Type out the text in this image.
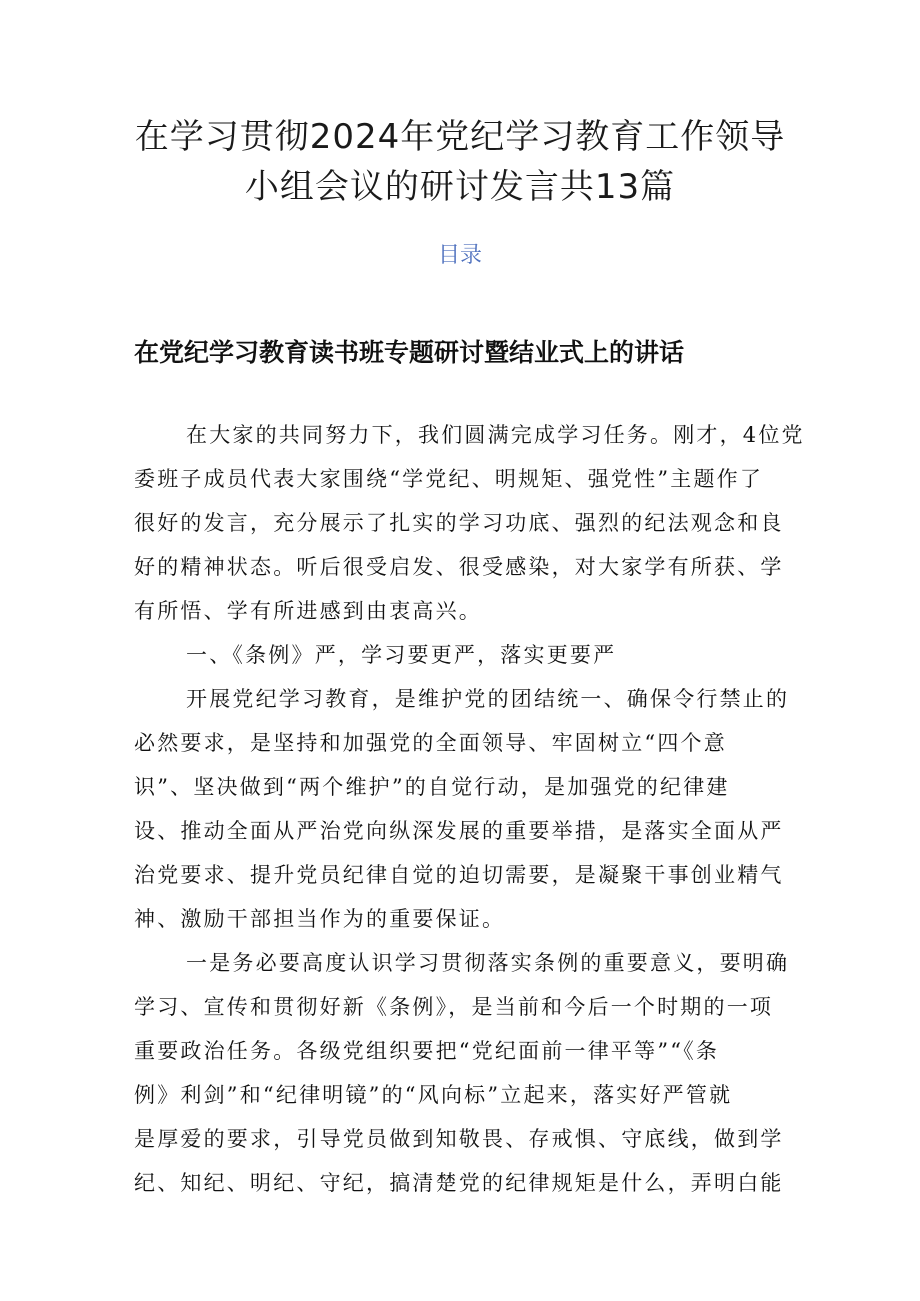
在学习贯彻2024年党纪学习教育工作领导
小组会议的研讨发言共13篇
目录
在党纪学习教育读书班专题研讨暨结业式上的讲话
在大家的共同努力下，我们圆满完成学习任务。刚才，4位党
委班子成员代表大家围绕“学党纪、明规矩、强党性”主题作了
很好的发言，充分展示了扎实的学习功底、强烈的纪法观念和良
好的精神状态。听后很受启发、很受感染，对大家学有所获、学
有所悟、学有所进感到由衷高兴。
一、《条例》严，学习要更严，落实更要严
开展党纪学习教育，是维护党的团结统一、确保令行禁止的
必然要求，是坚持和加强党的全面领导、牢固树立“四个意
识”、坚决做到“两个维护”的自觉行动，是加强党的纪律建
设、推动全面从严治党向纵深发展的重要举措，是落实全面从严
治党要求、提升党员纪律自觉的迫切需要，是凝聚干事创业精气
神、激励干部担当作为的重要保证。
一是务必要高度认识学习贯彻落实条例的重要意义，要明确
学习、宣传和贯彻好新《条例》，是当前和今后一个时期的一项
重要政治任务。各级党组织要把“党纪面前一律平等”“《条
例》利剑”和“纪律明镜”的“风向标”立起来，落实好严管就
是厚爱的要求，引导党员做到知敬畏、存戒惧、守底线，做到学
纪、知纪、明纪、守纪，搞清楚党的纪律规矩是什么，弄明白能
